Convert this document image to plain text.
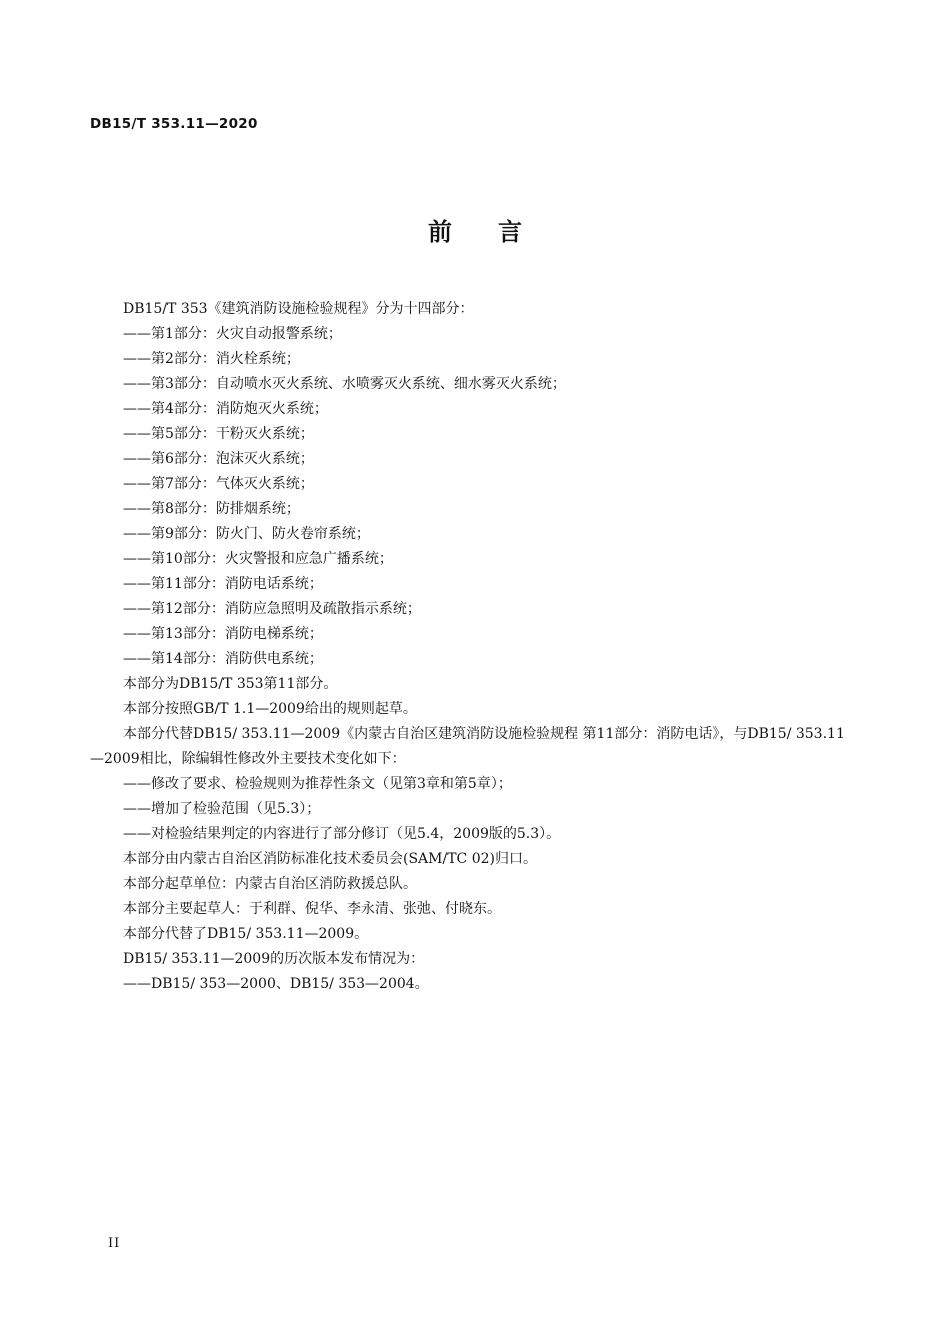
DB15/T 353.11—2020
前言

DB15/T 353《建筑消防设施检验规程》分为十四部分：

——第1部分：火灾自动报警系统；

——第2部分：消火栓系统；

——第3部分：自动喷水灭火系统、水喷雾灭火系统、细水雾灭火系统；

——第4部分：消防炮灭火系统；

——第5部分：干粉灭火系统；

——第6部分：泡沫灭火系统；

——第7部分：气体灭火系统；

——第8部分：防排烟系统；

——第9部分：防火门、防火卷帘系统；

——第10部分：火灾警报和应急广播系统；

——第11部分：消防电话系统；

——第12部分：消防应急照明及疏散指示系统；

——第13部分：消防电梯系统；

——第14部分：消防供电系统；

本部分为DB15/T 353第11部分。

本部分按照GB/T 1.1—2009给出的规则起草。

本部分代替DB15/ 353.11—2009《内蒙古自治区建筑消防设施检验规程 第11部分：消防电话》，与DB15/ 353.11—2009相比，除编辑性修改外主要技术变化如下：

——修改了要求、检验规则为推荐性条文（见第3章和第5章）；

——增加了检验范围（见5.3）；

——对检验结果判定的内容进行了部分修订（见5.4，2009版的5.3）。

本部分由内蒙古自治区消防标准化技术委员会(SAM/TC 02)归口。

本部分起草单位：内蒙古自治区消防救援总队。

本部分主要起草人：于利群、倪华、李永清、张弛、付晓东。

本部分代替了DB15/ 353.11—2009。

DB15/ 353.11—2009的历次版本发布情况为：

——DB15/ 353—2000、DB15/ 353—2004。

II
